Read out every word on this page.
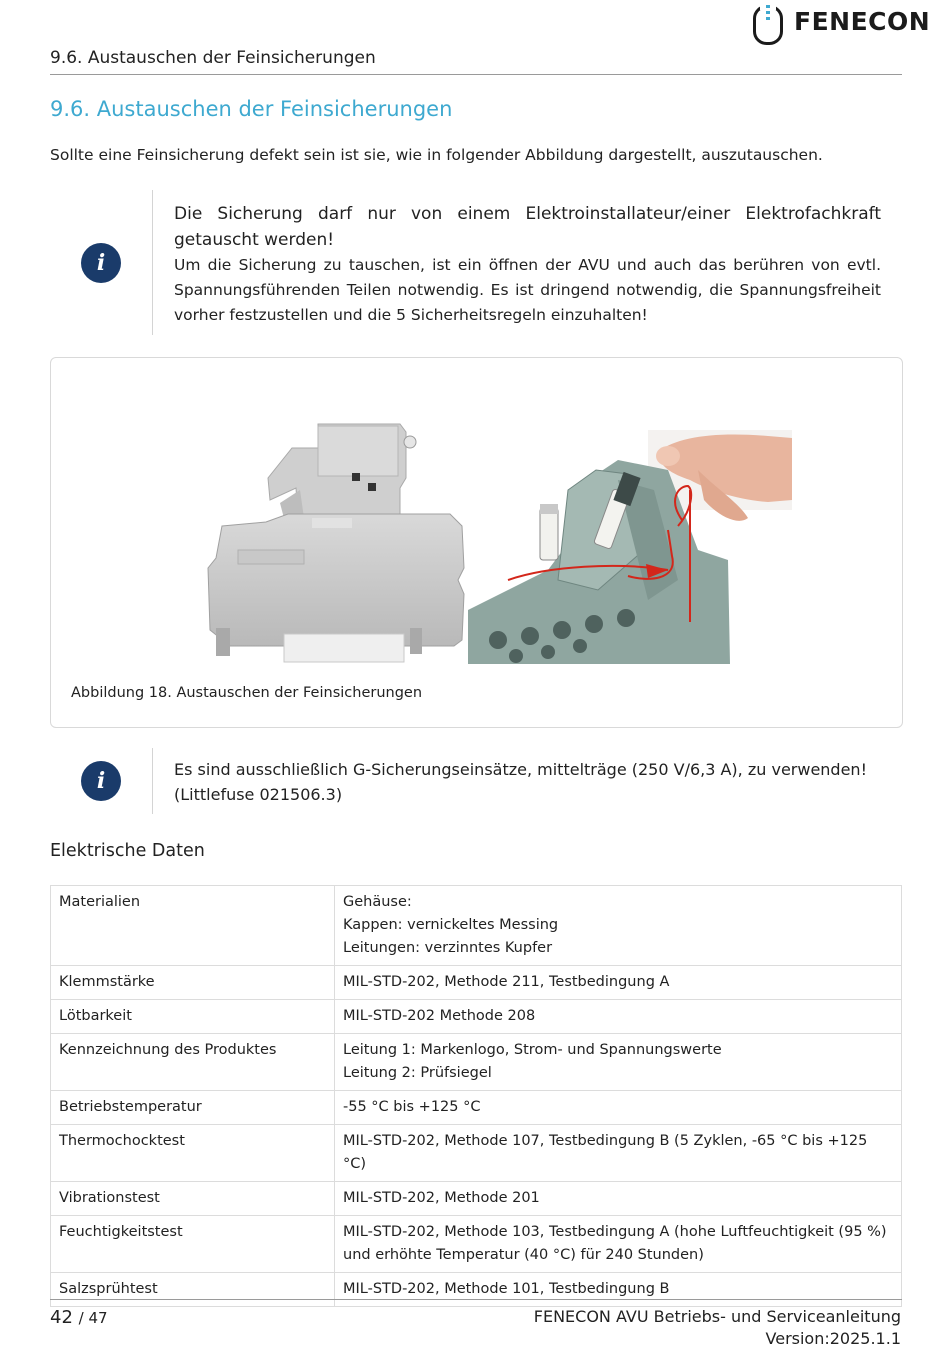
9.6. Austauschen der Feinsicherungen
FENECON
9.6. Austauschen der Feinsicherungen
Sollte eine Feinsicherung defekt sein ist sie, wie in folgender Abbildung dargestellt, auszutauschen.
i
Die Sicherung darf nur von einem Elektroinstallateur/einer Elektrofachkraft getauscht werden!
Um die Sicherung zu tauschen, ist ein öffnen der AVU und auch das berühren von evtl. Spannungsführenden Teilen notwendig. Es ist dringend notwendig, die Spannungsfreiheit vorher festzustellen und die 5 Sicherheitsregeln einzuhalten!
Abbildung 18. Austauschen der Feinsicherungen
i	Es sind ausschließlich G-Sicherungseinsätze, mittelträge (250 V/6,3 A), zu verwenden! (Littlefuse 021506.3)
Elektrische Daten
Materialien	Gehäuse:
Kappen: vernickeltes Messing
Leitungen: verzinntes Kupfer
Klemmstärke	MIL-STD-202, Methode 211, Testbedingung A
Lötbarkeit	MIL-STD-202 Methode 208
Kennzeichnung des Produktes	Leitung 1: Markenlogo, Strom- und Spannungswerte
Leitung 2: Prüfsiegel
Betriebstemperatur	-55 °C bis +125 °C
Thermochocktest	MIL-STD-202, Methode 107, Testbedingung B (5 Zyklen, -65 °C bis +125 °C)
Vibrationstest	MIL-STD-202, Methode 201
Feuchtigkeitstest	MIL-STD-202, Methode 103, Testbedingung A (hohe Luftfeuchtigkeit (95 %) und erhöhte Temperatur (40 °C) für 240 Stunden)
Salzsprühtest	MIL-STD-202, Methode 101, Testbedingung B
42 / 47	FENECON AVU Betriebs- und Serviceanleitung
Version:2025.1.1
